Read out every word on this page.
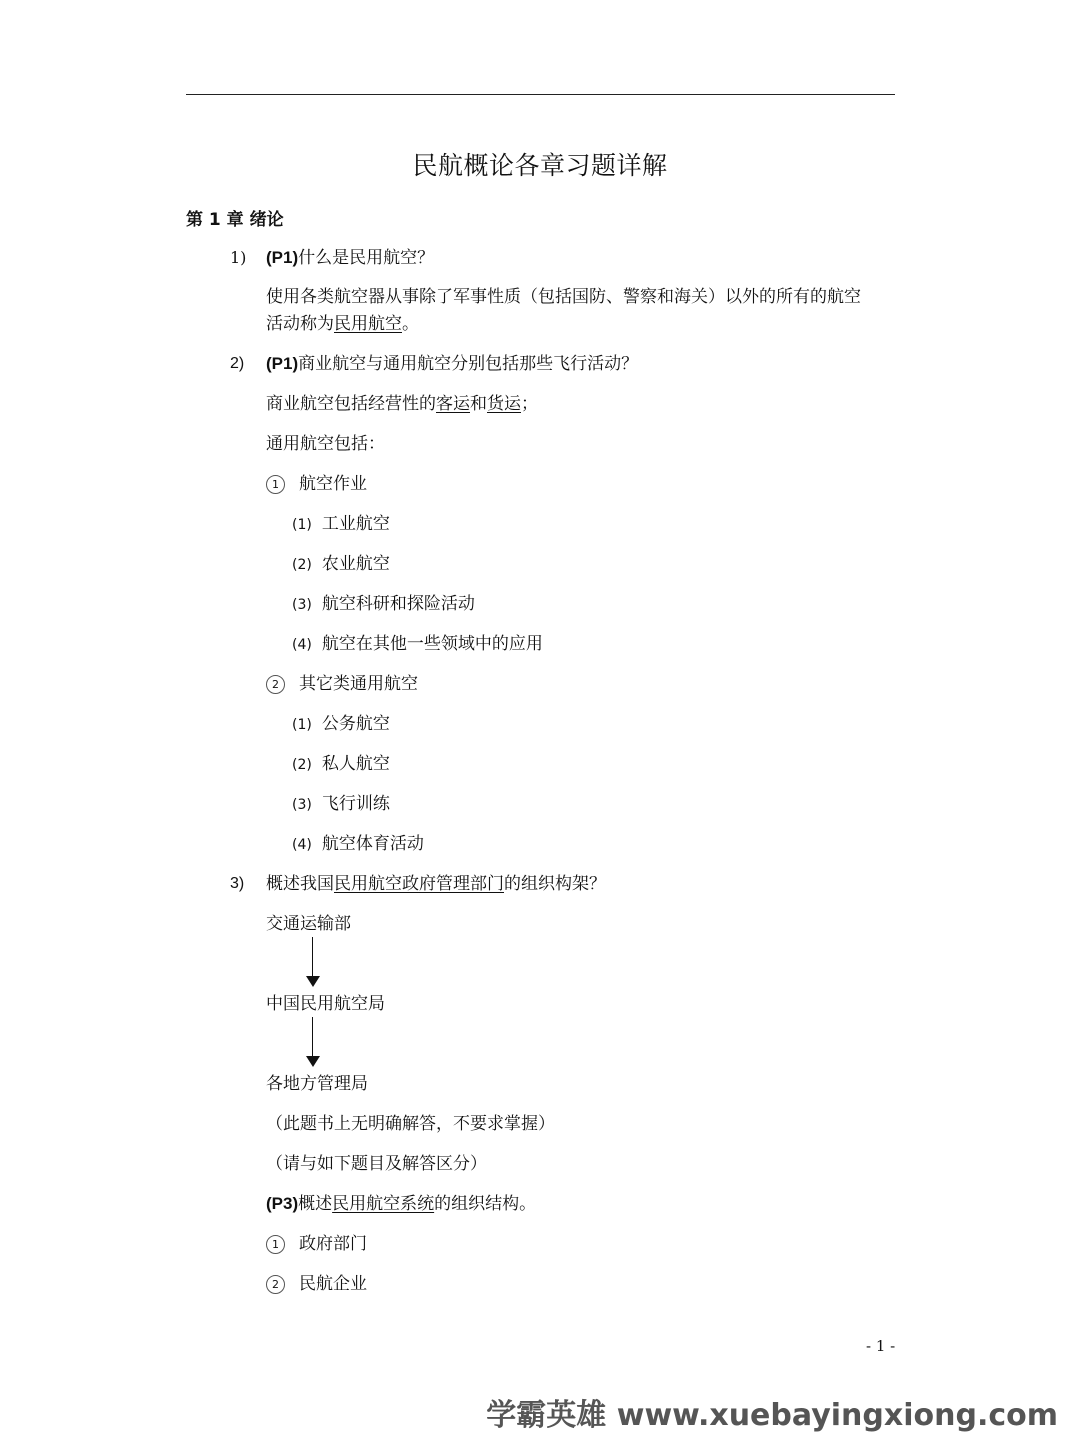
民航概论各章习题详解
第 1 章 绪论
1) (P1)什么是民用航空？
使用各类航空器从事除了军事性质（包括国防、警察和海关）以外的所有的航空
活动称为民用航空。
2) (P1)商业航空与通用航空分别包括那些飞行活动？
商业航空包括经营性的客运和货运；
通用航空包括：
1 航空作业
(1) 工业航空
(2) 农业航空
(3) 航空科研和探险活动
(4) 航空在其他一些领域中的应用
2 其它类通用航空
(1) 公务航空
(2) 私人航空
(3) 飞行训练
(4) 航空体育活动
3) 概述我国民用航空政府管理部门的组织构架？
交通运输部
中国民用航空局
各地方管理局
（此题书上无明确解答，不要求掌握）
（请与如下题目及解答区分）
(P3)概述民用航空系统的组织结构。
1 政府部门
2 民航企业
- 1 -
学霸英雄 www.xuebayingxiong.com
